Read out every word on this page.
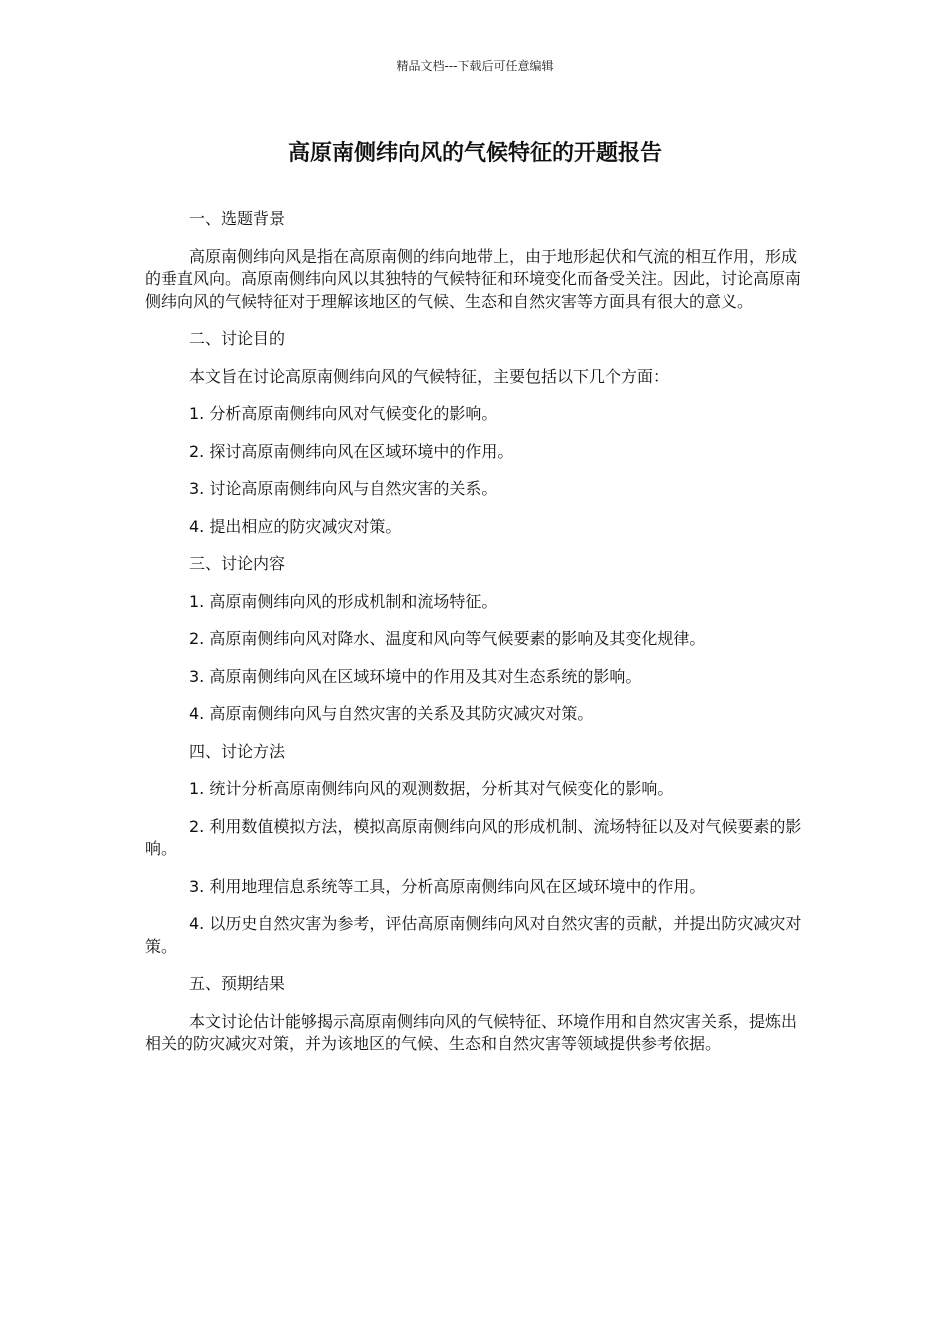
精品文档---下载后可任意编辑
高原南侧纬向风的气候特征的开题报告

一、选题背景

高原南侧纬向风是指在高原南侧的纬向地带上，由于地形起伏和气流的相互作用，形成的垂直风向。高原南侧纬向风以其独特的气候特征和环境变化而备受关注。因此，讨论高原南侧纬向风的气候特征对于理解该地区的气候、生态和自然灾害等方面具有很大的意义。

二、讨论目的

本文旨在讨论高原南侧纬向风的气候特征，主要包括以下几个方面：

1. 分析高原南侧纬向风对气候变化的影响。

2. 探讨高原南侧纬向风在区域环境中的作用。

3. 讨论高原南侧纬向风与自然灾害的关系。

4. 提出相应的防灾减灾对策。

三、讨论内容

1. 高原南侧纬向风的形成机制和流场特征。

2. 高原南侧纬向风对降水、温度和风向等气候要素的影响及其变化规律。

3. 高原南侧纬向风在区域环境中的作用及其对生态系统的影响。

4. 高原南侧纬向风与自然灾害的关系及其防灾减灾对策。

四、讨论方法

1. 统计分析高原南侧纬向风的观测数据，分析其对气候变化的影响。

2. 利用数值模拟方法，模拟高原南侧纬向风的形成机制、流场特征以及对气候要素的影响。

3. 利用地理信息系统等工具，分析高原南侧纬向风在区域环境中的作用。

4. 以历史自然灾害为参考，评估高原南侧纬向风对自然灾害的贡献，并提出防灾减灾对策。

五、预期结果

本文讨论估计能够揭示高原南侧纬向风的气候特征、环境作用和自然灾害关系，提炼出相关的防灾减灾对策，并为该地区的气候、生态和自然灾害等领域提供参考依据。
